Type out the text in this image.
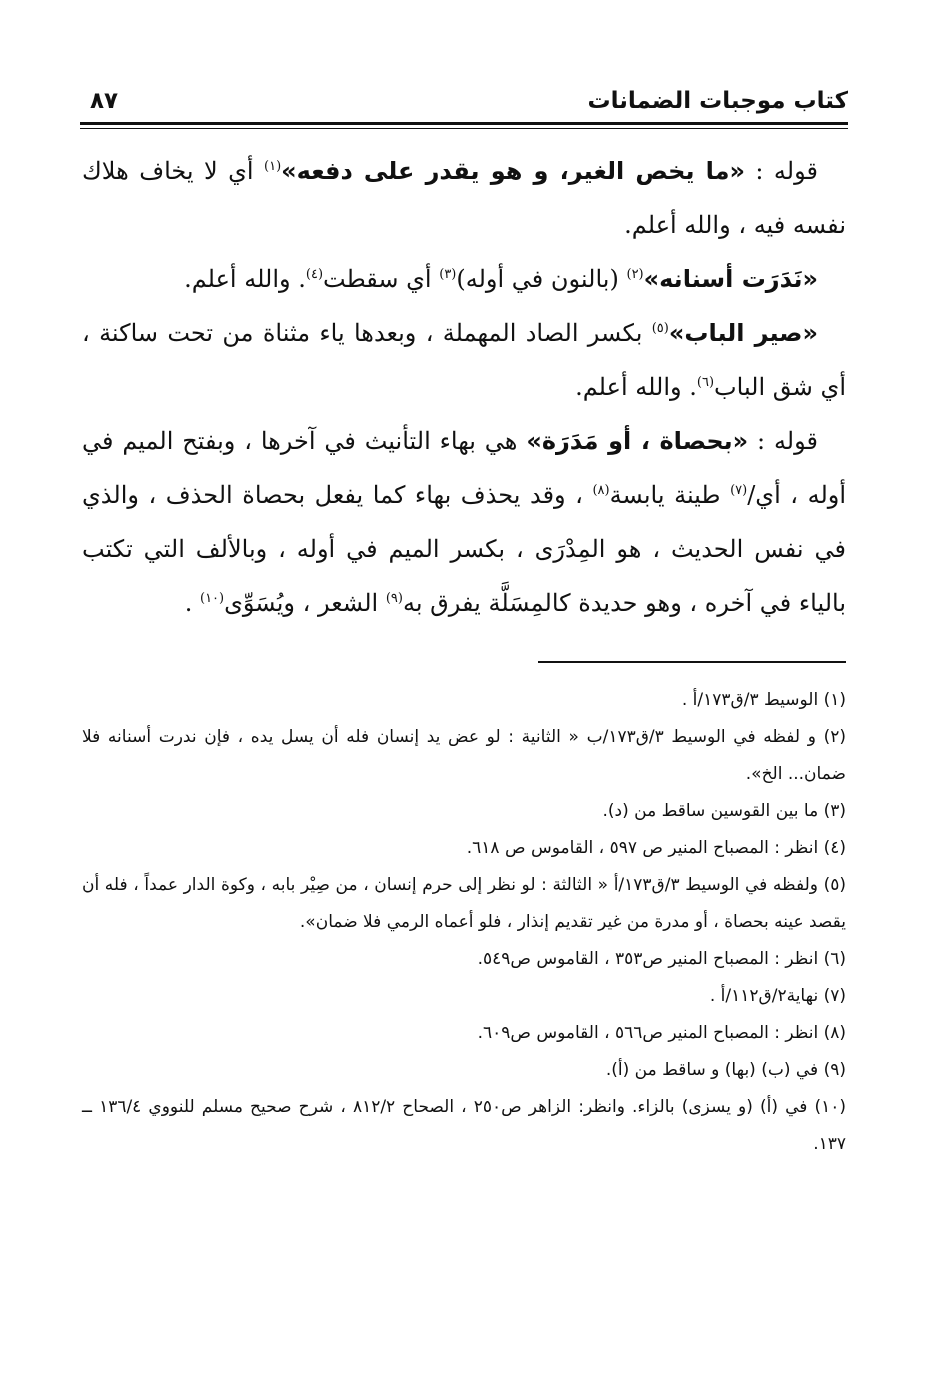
كتاب موجبات الضمانات
٨٧

قوله : «ما يخص الغير، و هو يقدر على دفعه»$^{(١)}$ أي لا يخاف هلاك نفسه فيه ، والله أعلم.

«نَدَرَت أسنانه»$^{(٢)}$ (بالنون في أوله)$^{(٣)}$ أي سقطت$^{(٤)}$. والله أعلم.

«صير الباب»$^{(٥)}$ بكسر الصاد المهملة ، وبعدها ياء مثناة من تحت ساكنة ، أي شق الباب$^{(٦)}$. والله أعلم.

قوله : «بحصاة ، أو مَدَرَة» هي بهاء التأنيث في آخرها ، وبفتح الميم في أوله ، أي/$^{(٧)}$ طينة يابسة$^{(٨)}$ ، وقد يحذف بهاء كما يفعل بحصاة الحذف ، والذي في نفس الحديث ، هو المِدْرَى ، بكسر الميم في أوله ، وبالألف التي تكتب بالياء في آخره ، وهو حديدة كالمِسَلَّة يفرق به$^{(٩)}$ الشعر ، ويُسَوِّى$^{(١٠)}$ .

(١) الوسيط ٣/ق١٧٣/أ .

(٢) و لفظه في الوسيط ٣/ق١٧٣/ب « الثانية : لو عض يد إنسان فله أن يسل يده ، فإن ندرت أسنانه فلا ضمان... الخ».

(٣) ما بين القوسين ساقط من (د).

(٤) انظر : المصباح المنير ص ٥٩٧ ، القاموس ص ٦١٨.

(٥) ولفظه في الوسيط ٣/ق١٧٣/أ « الثالثة : لو نظر إلى حرم إنسان ، من صِيْر بابه ، وكوة الدار عمداً ، فله أن يقصد عينه بحصاة ، أو مدرة من غير تقديم إنذار ، فلو أعماه الرمي فلا ضمان».

(٦) انظر : المصباح المنير ص٣٥٣ ، القاموس ص٥٤٩.

(٧) نهاية٢/ق١١٢/أ .

(٨) انظر : المصباح المنير ص٥٦٦ ، القاموس ص٦٠٩.

(٩) في (ب) (بها) و ساقط من (أ).

(١٠) في (أ) (و يسزى) بالزاء. وانظر: الزاهر ص٢٥٠ ، الصحاح ٨١٢/٢ ، شرح صحيح مسلم للنووي ١٣٦/٤ ــ ١٣٧.
